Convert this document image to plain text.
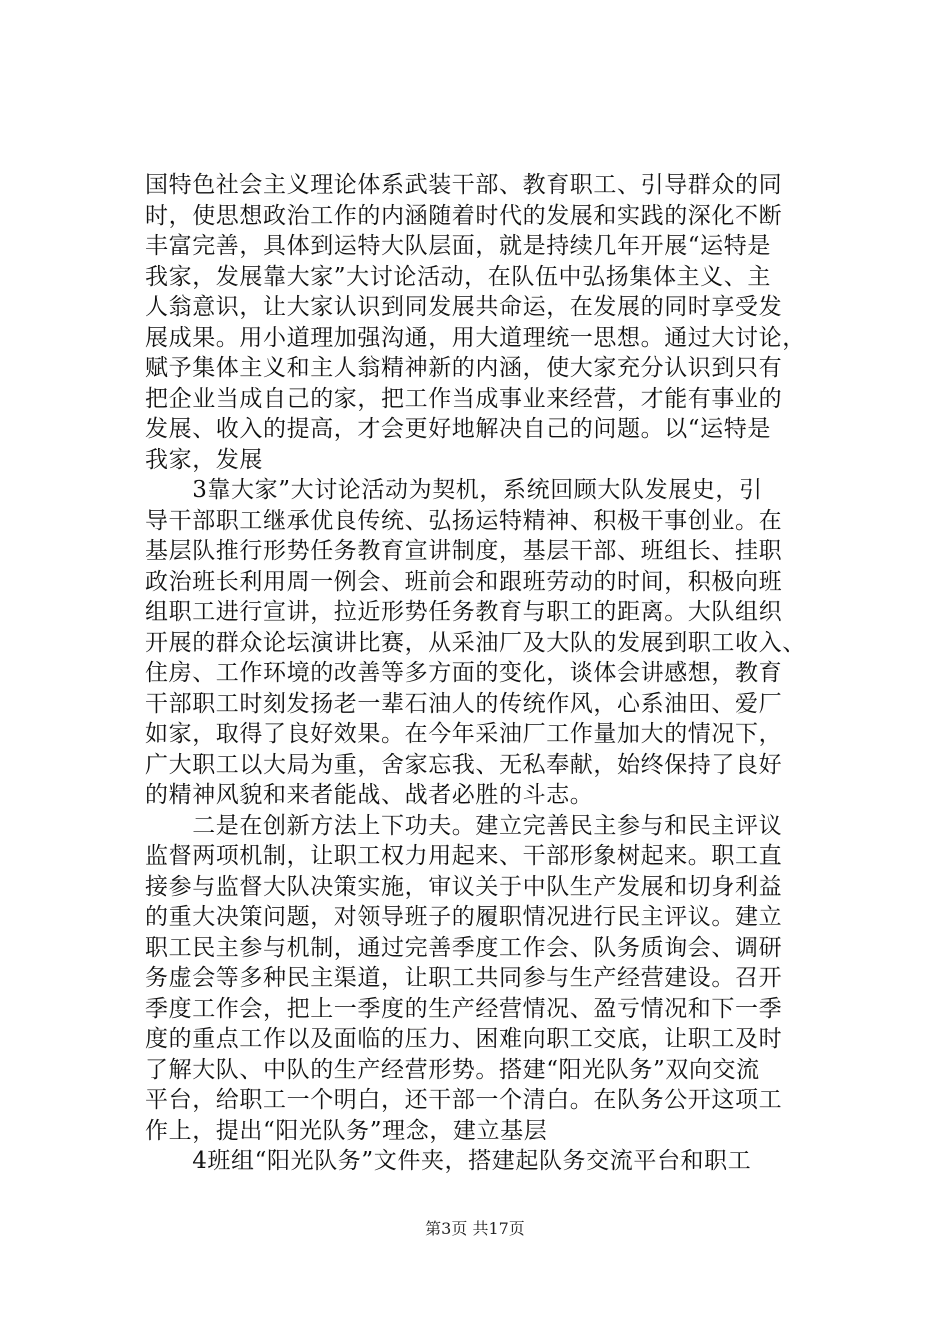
国特色社会主义理论体系武装干部、教育职工、引导群众的同
时，使思想政治工作的内涵随着时代的发展和实践的深化不断
丰富完善，具体到运特大队层面，就是持续几年开展“运特是
我家，发展靠大家”大讨论活动，在队伍中弘扬集体主义、主
人翁意识，让大家认识到同发展共命运，在发展的同时享受发
展成果。用小道理加强沟通，用大道理统一思想。通过大讨论，
赋予集体主义和主人翁精神新的内涵，使大家充分认识到只有
把企业当成自己的家，把工作当成事业来经营，才能有事业的
发展、收入的提高，才会更好地解决自己的问题。以“运特是
我家，发展
　　3靠大家”大讨论活动为契机，系统回顾大队发展史，引
导干部职工继承优良传统、弘扬运特精神、积极干事创业。在
基层队推行形势任务教育宣讲制度，基层干部、班组长、挂职
政治班长利用周一例会、班前会和跟班劳动的时间，积极向班
组职工进行宣讲，拉近形势任务教育与职工的距离。大队组织
开展的群众论坛演讲比赛，从采油厂及大队的发展到职工收入、
住房、工作环境的改善等多方面的变化，谈体会讲感想，教育
干部职工时刻发扬老一辈石油人的传统作风，心系油田、爱厂
如家，取得了良好效果。在今年采油厂工作量加大的情况下，
广大职工以大局为重，舍家忘我、无私奉献，始终保持了良好
的精神风貌和来者能战、战者必胜的斗志。
　　二是在创新方法上下功夫。建立完善民主参与和民主评议
监督两项机制，让职工权力用起来、干部形象树起来。职工直
接参与监督大队决策实施，审议关于中队生产发展和切身利益
的重大决策问题，对领导班子的履职情况进行民主评议。建立
职工民主参与机制，通过完善季度工作会、队务质询会、调研
务虚会等多种民主渠道，让职工共同参与生产经营建设。召开
季度工作会，把上一季度的生产经营情况、盈亏情况和下一季
度的重点工作以及面临的压力、困难向职工交底，让职工及时
了解大队、中队的生产经营形势。搭建“阳光队务”双向交流
平台，给职工一个明白，还干部一个清白。在队务公开这项工
作上，提出“阳光队务”理念，建立基层
　　4班组“阳光队务”文件夹，搭建起队务交流平台和职工
第3页 共17页
